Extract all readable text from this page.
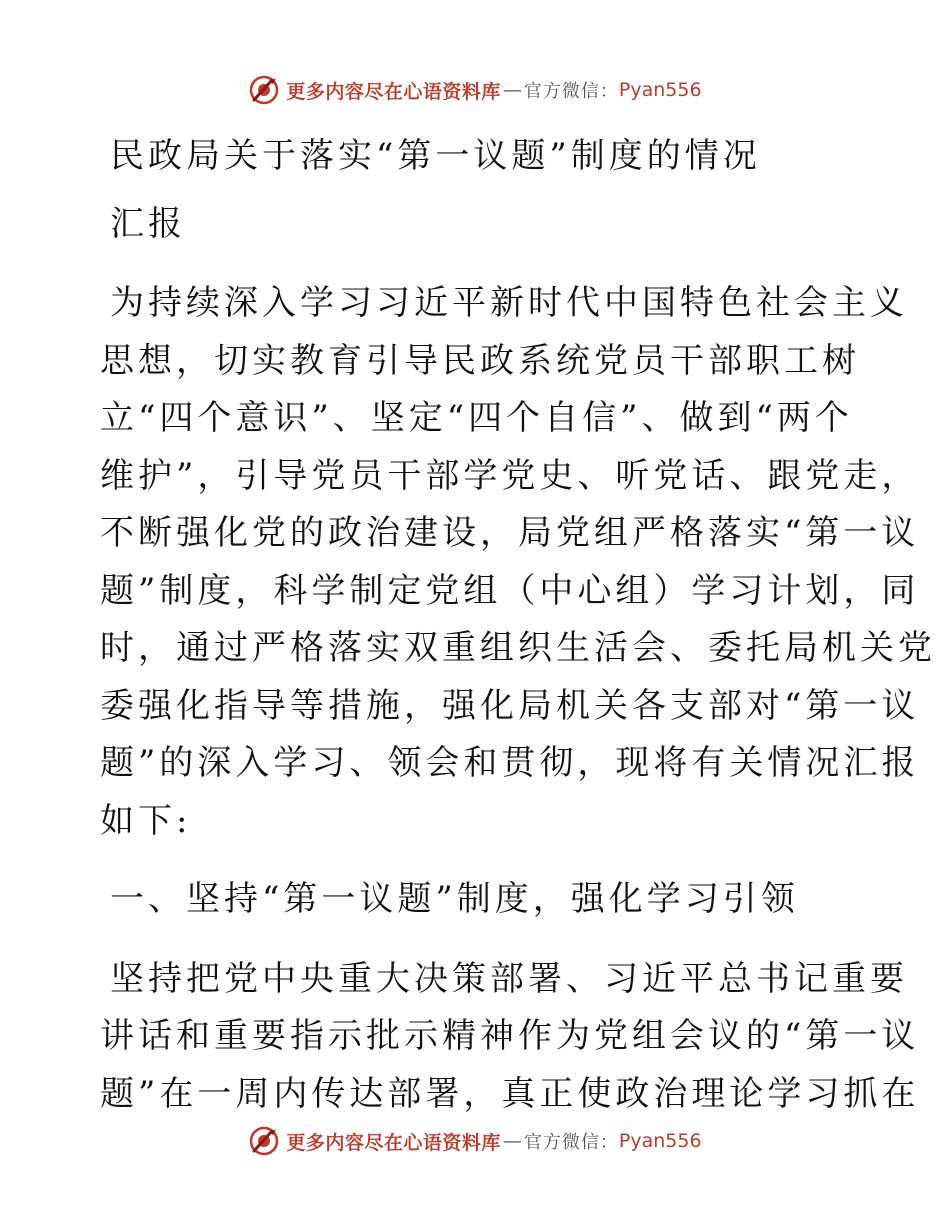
更多内容尽在心语资料库 — 官方微信： Pyan556

民政局关于落实“第一议题”制度的情况

汇报

为持续深入学习习近平新时代中国特色社会主义
思想，切实教育引导民政系统党员干部职工树
立“四个意识”、坚定“四个自信”、做到“两个
维护”，引导党员干部学党史、听党话、跟党走，
不断强化党的政治建设，局党组严格落实“第一议
题”制度，科学制定党组（中心组）学习计划，同
时，通过严格落实双重组织生活会、委托局机关党
委强化指导等措施，强化局机关各支部对“第一议
题”的深入学习、领会和贯彻，现将有关情况汇报
如下:

一、坚持“第一议题”制度，强化学习引领

坚持把党中央重大决策部署、习近平总书记重要
讲话和重要指示批示精神作为党组会议的“第一议
题”在一周内传达部署，真正使政治理论学习抓在

更多内容尽在心语资料库 — 官方微信： Pyan556
